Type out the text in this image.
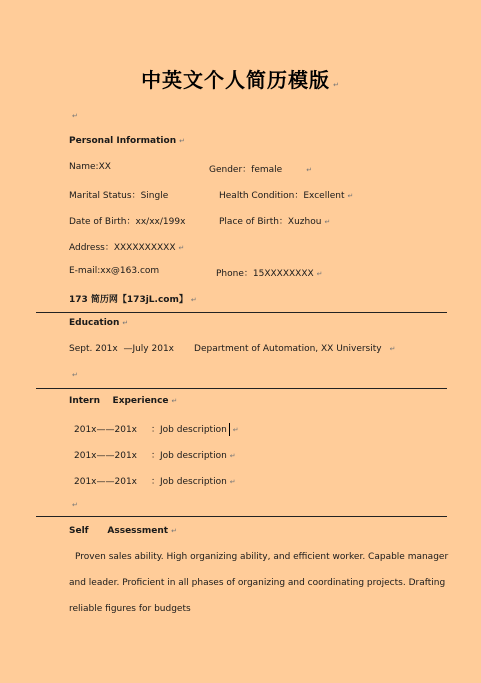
中英文个人简历模版 ↵
↵
Personal Information ↵
Name:XX	Gender：female	↵
Marital Status：Single	Health Condition：Excellent ↵
Date of Birth：xx/xx/199x	Place of Birth：Xuzhou ↵
Address：XXXXXXXXXX ↵
E-mail:xx@163.com	Phone：15XXXXXXXX ↵
173 简历网【173jL.com】 ↵
Education ↵
Sept. 201x  —July 201x       Department of Automation, XX University ↵
↵
Intern    Experience ↵
201x——201x ：Job description ↵
201x——201x ：Job description ↵
201x——201x ：Job description ↵
↵
Self      Assessment ↵
Proven sales ability. High organizing ability, and efficient worker. Capable manager
and leader. Proficient in all phases of organizing and coordinating projects. Drafting
reliable figures for budgets
